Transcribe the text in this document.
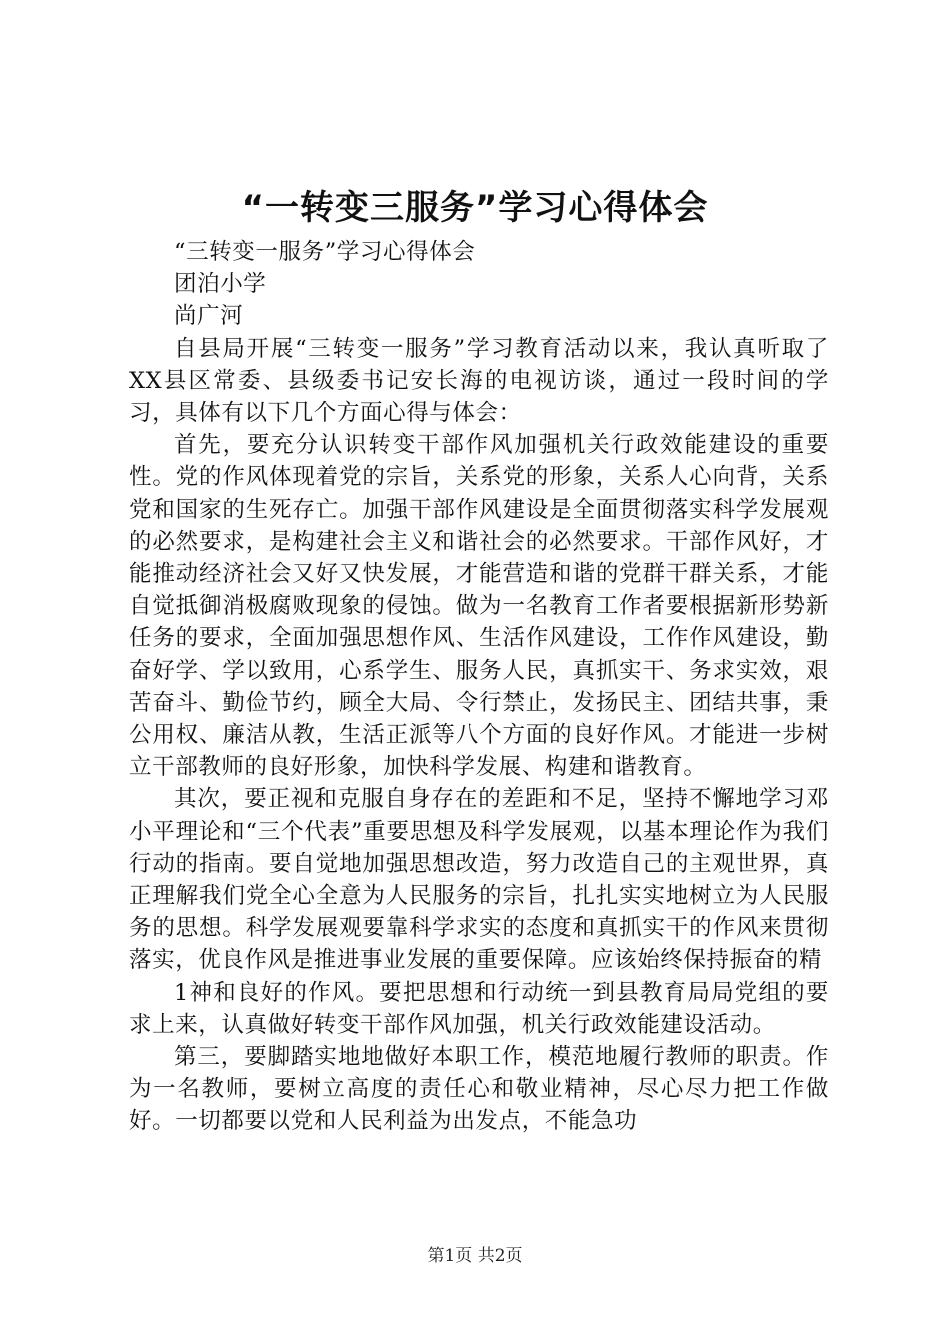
“一转变三服务”学习心得体会

“三转变一服务”学习心得体会

团泊小学

尚广河

自县局开展“三转变一服务”学习教育活动以来，我认真听取了XX县区常委、县级委书记安长海的电视访谈，通过一段时间的学习，具体有以下几个方面心得与体会：

首先，要充分认识转变干部作风加强机关行政效能建设的重要性。党的作风体现着党的宗旨，关系党的形象，关系人心向背，关系党和国家的生死存亡。加强干部作风建设是全面贯彻落实科学发展观的必然要求，是构建社会主义和谐社会的必然要求。干部作风好，才能推动经济社会又好又快发展，才能营造和谐的党群干群关系，才能自觉抵御消极腐败现象的侵蚀。做为一名教育工作者要根据新形势新任务的要求，全面加强思想作风、生活作风建设，工作作风建设，勤奋好学、学以致用，心系学生、服务人民，真抓实干、务求实效，艰苦奋斗、勤俭节约，顾全大局、令行禁止，发扬民主、团结共事，秉公用权、廉洁从教，生活正派等八个方面的良好作风。才能进一步树立干部教师的良好形象，加快科学发展、构建和谐教育。

其次，要正视和克服自身存在的差距和不足，坚持不懈地学习邓小平理论和“三个代表”重要思想及科学发展观，以基本理论作为我们行动的指南。要自觉地加强思想改造，努力改造自己的主观世界，真正理解我们党全心全意为人民服务的宗旨，扎扎实实地树立为人民服务的思想。科学发展观要靠科学求实的态度和真抓实干的作风来贯彻落实，优良作风是推进事业发展的重要保障。应该始终保持振奋的精

1神和良好的作风。要把思想和行动统一到县教育局局党组的要求上来，认真做好转变干部作风加强，机关行政效能建设活动。

第三，要脚踏实地地做好本职工作，模范地履行教师的职责。作为一名教师，要树立高度的责任心和敬业精神，尽心尽力把工作做好。一切都要以党和人民利益为出发点，不能急功

第1页 共2页
